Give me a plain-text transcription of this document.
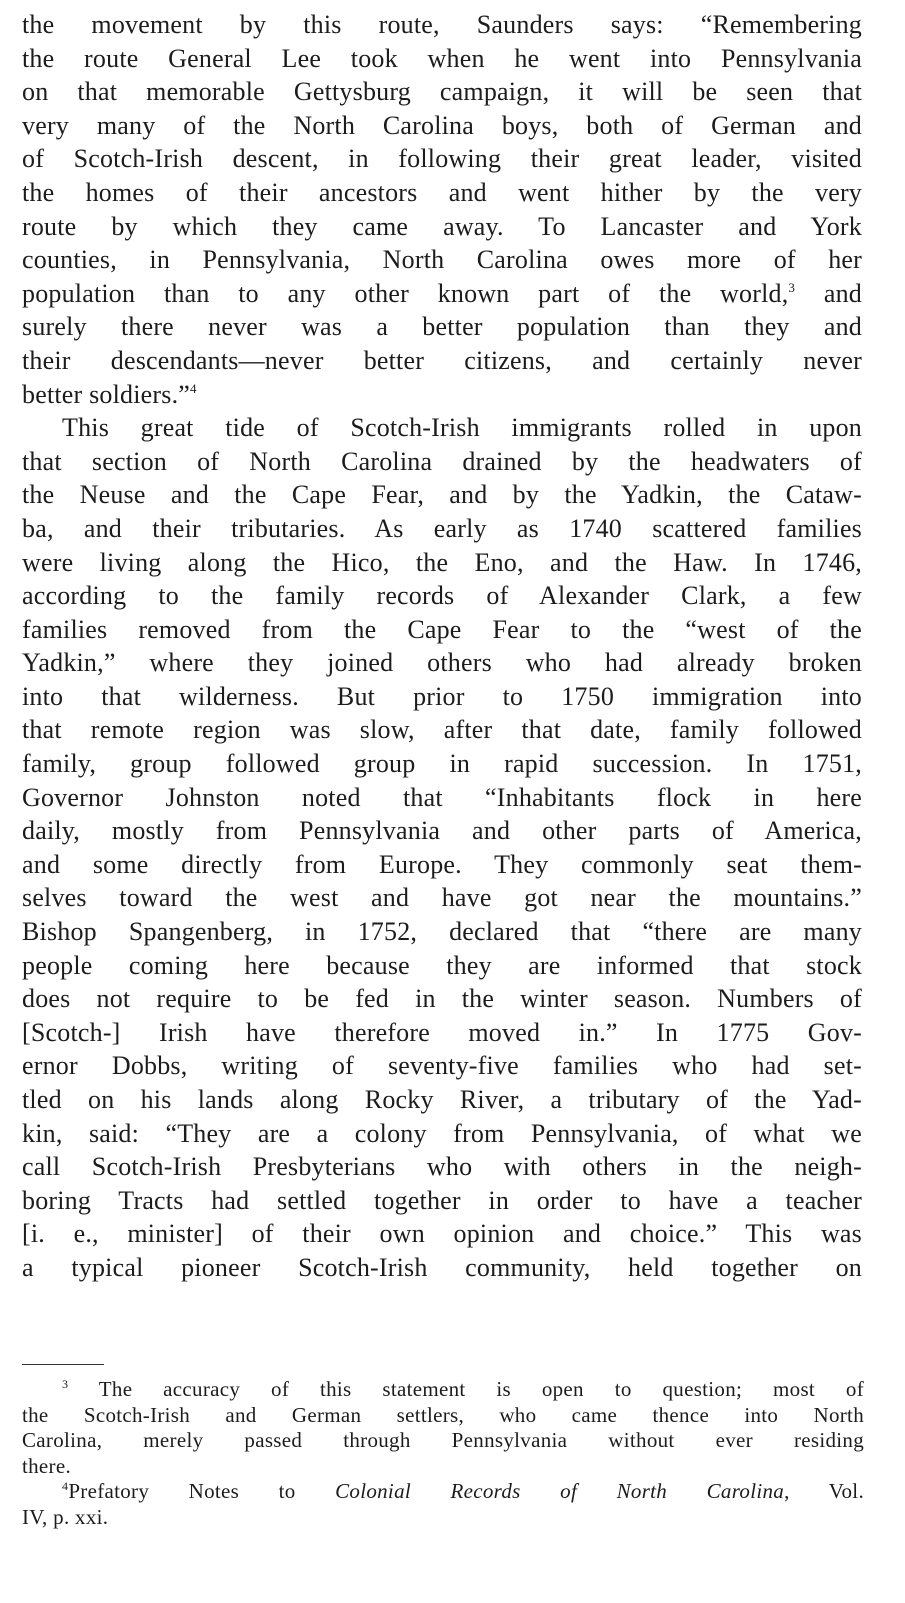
the movement by this route, Saunders says: “Remembering
the route General Lee took when he went into Pennsylvania
on that memorable Gettysburg campaign, it will be seen that
very many of the North Carolina boys, both of German and
of Scotch-Irish descent, in following their great leader, visited
the homes of their ancestors and went hither by the very
route by which they came away. To Lancaster and York
counties, in Pennsylvania, North Carolina owes more of her
population than to any other known part of the world,$^3$ and
surely there never was a better population than they and
their descendants—never better citizens, and certainly never
better soldiers.”$^4$
This great tide of Scotch-Irish immigrants rolled in upon
that section of North Carolina drained by the headwaters of
the Neuse and the Cape Fear, and by the Yadkin, the Cataw-
ba, and their tributaries. As early as 1740 scattered families
were living along the Hico, the Eno, and the Haw. In 1746,
according to the family records of Alexander Clark, a few
families removed from the Cape Fear to the “west of the
Yadkin,” where they joined others who had already broken
into that wilderness. But prior to 1750 immigration into
that remote region was slow, after that date, family followed
family, group followed group in rapid succession. In 1751,
Governor Johnston noted that “Inhabitants flock in here
daily, mostly from Pennsylvania and other parts of America,
and some directly from Europe. They commonly seat them-
selves toward the west and have got near the mountains.”
Bishop Spangenberg, in 1752, declared that “there are many
people coming here because they are informed that stock
does not require to be fed in the winter season. Numbers of
[Scotch-] Irish have therefore moved in.” In 1775 Gov-
ernor Dobbs, writing of seventy-five families who had set-
tled on his lands along Rocky River, a tributary of the Yad-
kin, said: “They are a colony from Pennsylvania, of what we
call Scotch-Irish Presbyterians who with others in the neigh-
boring Tracts had settled together in order to have a teacher
[i. e., minister] of their own opinion and choice.” This was
a typical pioneer Scotch-Irish community, held together on
$^3$ The accuracy of this statement is open to question; most of
the Scotch-Irish and German settlers, who came thence into North
Carolina, merely passed through Pennsylvania without ever residing
there.
$^4$Prefatory Notes to Colonial Records of North Carolina, Vol.
IV, p. xxi.
